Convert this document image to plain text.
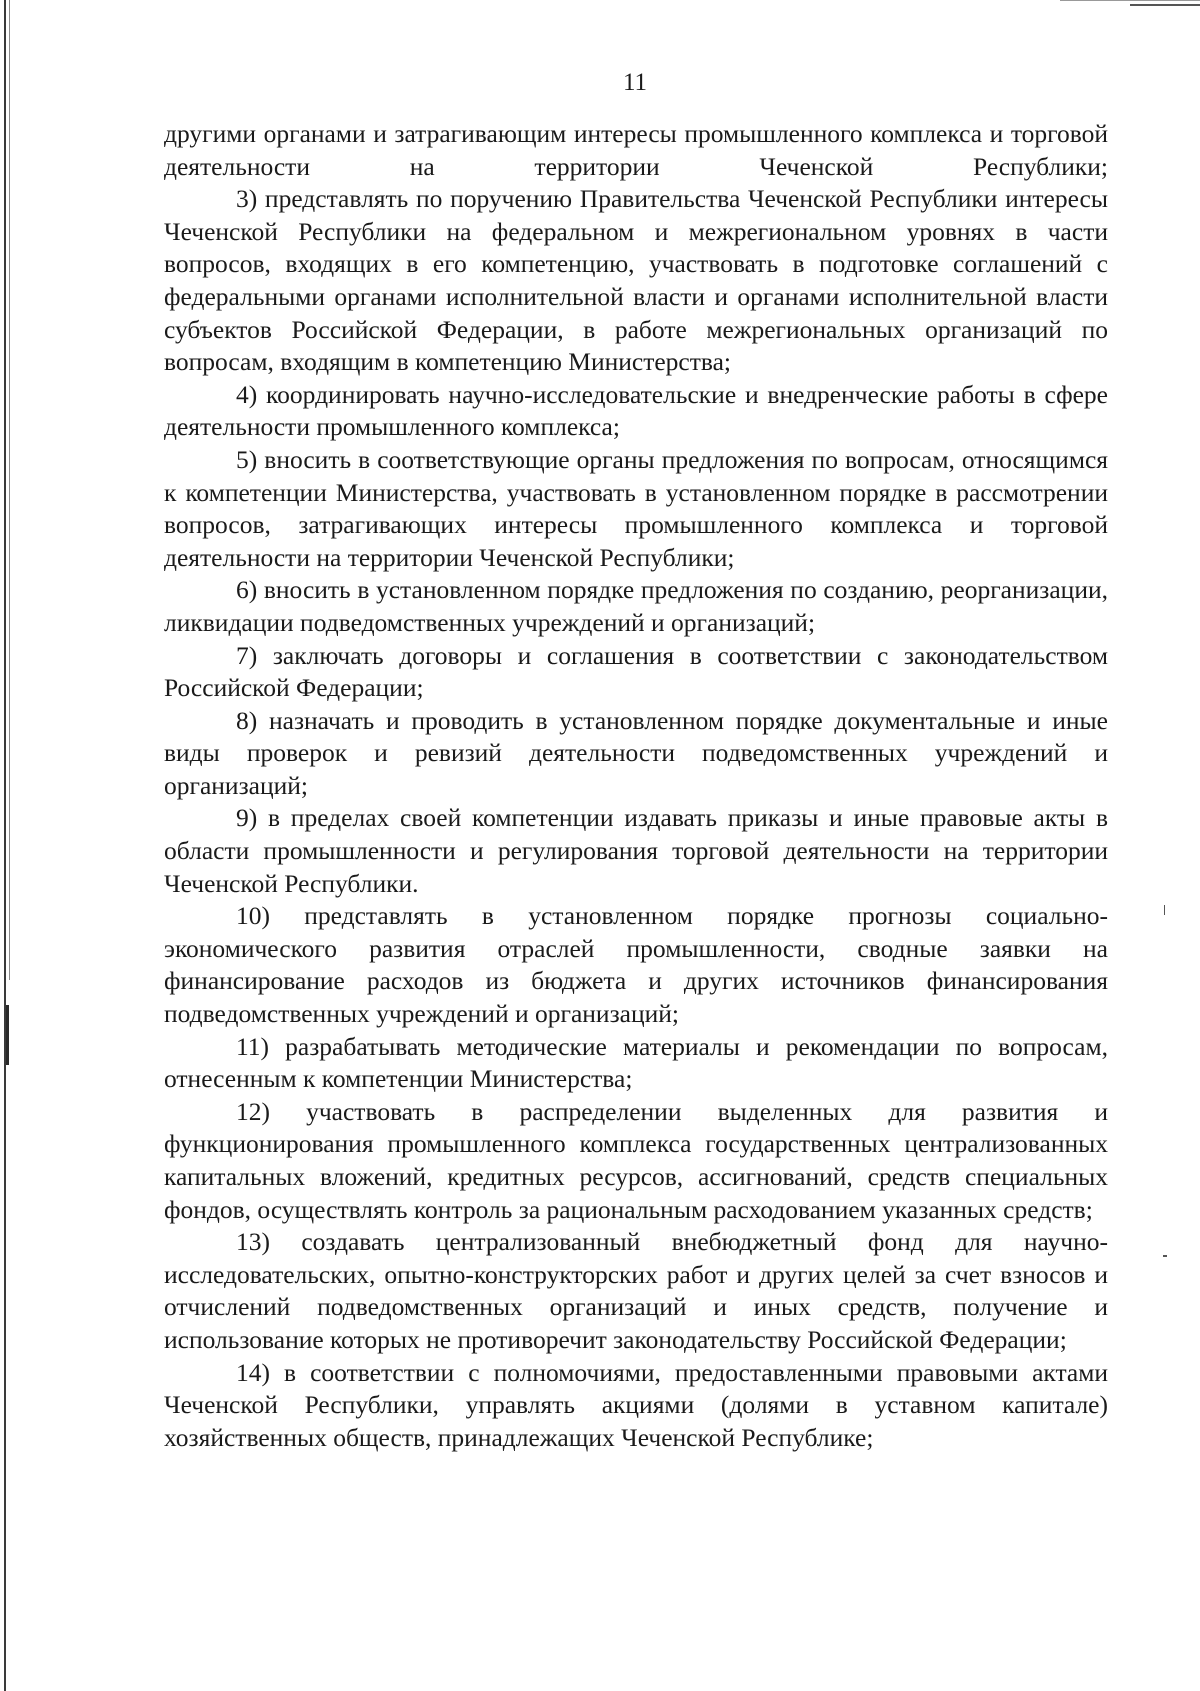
11

другими органами и затрагивающим интересы промышленного комплекса и торговой деятельности на территории Чеченской Республики;

3) представлять по поручению Правительства Чеченской Республики интересы Чеченской Республики на федеральном и межрегиональном уровнях в части вопросов, входящих в его компетенцию, участвовать в подготовке соглашений с федеральными органами исполнительной власти и органами исполнительной власти субъектов Российской Федерации, в работе межрегиональных организаций по вопросам, входящим в компетенцию Министерства;

4) координировать научно-исследовательские и внедренческие работы в сфере деятельности промышленного комплекса;

5) вносить в соответствующие органы предложения по вопросам, относящимся к компетенции Министерства, участвовать в установленном порядке в рассмотрении вопросов, затрагивающих интересы промышленного комплекса и торговой деятельности на территории Чеченской Республики;

6) вносить в установленном порядке предложения по созданию, реорганизации, ликвидации подведомственных учреждений и организаций;

7) заключать договоры и соглашения в соответствии с законодательством Российской Федерации;

8) назначать и проводить в установленном порядке документальные и иные виды проверок и ревизий деятельности подведомственных учреждений и организаций;

9) в пределах своей компетенции издавать приказы и иные правовые акты в области промышленности и регулирования торговой деятельности на территории Чеченской Республики.

10) представлять в установленном порядке прогнозы социально-экономического развития отраслей промышленности, сводные заявки на финансирование расходов из бюджета и других источников финансирования подведомственных учреждений и организаций;

11) разрабатывать методические материалы и рекомендации по вопросам, отнесенным к компетенции Министерства;

12) участвовать в распределении выделенных для развития и функционирования промышленного комплекса государственных централизованных капитальных вложений, кредитных ресурсов, ассигнований, средств специальных фондов, осуществлять контроль за рациональным расходованием указанных средств;

13) создавать централизованный внебюджетный фонд для научно-исследовательских, опытно-конструкторских работ и других целей за счет взносов и отчислений подведомственных организаций и иных средств, получение и использование которых не противоречит законодательству Российской Федерации;

14) в соответствии с полномочиями, предоставленными правовыми актами Чеченской Республики, управлять акциями (долями в уставном капитале) хозяйственных обществ, принадлежащих Чеченской Республике;
